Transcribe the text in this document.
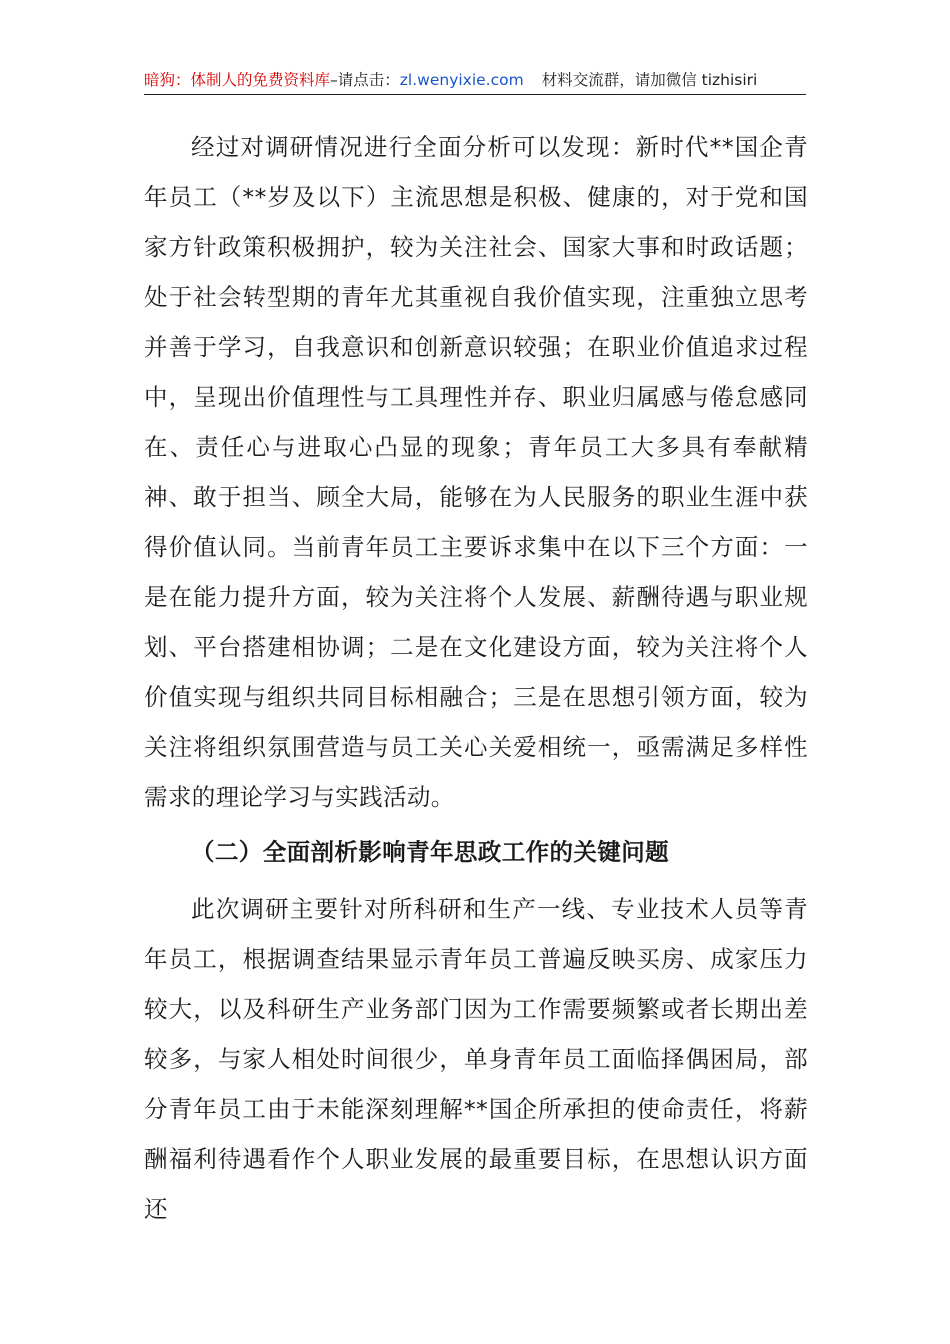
暗狗：体制人的免费资料库–请点击：zl.wenyixie.com 材料交流群，请加微信 tizhisiri

经过对调研情况进行全面分析可以发现：新时代**国企青年员工（**岁及以下）主流思想是积极、健康的，对于党和国家方针政策积极拥护，较为关注社会、国家大事和时政话题；处于社会转型期的青年尤其重视自我价值实现，注重独立思考并善于学习，自我意识和创新意识较强；在职业价值追求过程中，呈现出价值理性与工具理性并存、职业归属感与倦怠感同在、责任心与进取心凸显的现象；青年员工大多具有奉献精神、敢于担当、顾全大局，能够在为人民服务的职业生涯中获得价值认同。当前青年员工主要诉求集中在以下三个方面：一是在能力提升方面，较为关注将个人发展、薪酬待遇与职业规划、平台搭建相协调；二是在文化建设方面，较为关注将个人价值实现与组织共同目标相融合；三是在思想引领方面，较为关注将组织氛围营造与员工关心关爱相统一，亟需满足多样性需求的理论学习与实践活动。

（二）全面剖析影响青年思政工作的关键问题

此次调研主要针对所科研和生产一线、专业技术人员等青年员工，根据调查结果显示青年员工普遍反映买房、成家压力较大，以及科研生产业务部门因为工作需要频繁或者长期出差较多，与家人相处时间很少，单身青年员工面临择偶困局，部分青年员工由于未能深刻理解**国企所承担的使命责任，将薪酬福利待遇看作个人职业发展的最重要目标，在思想认识方面还
